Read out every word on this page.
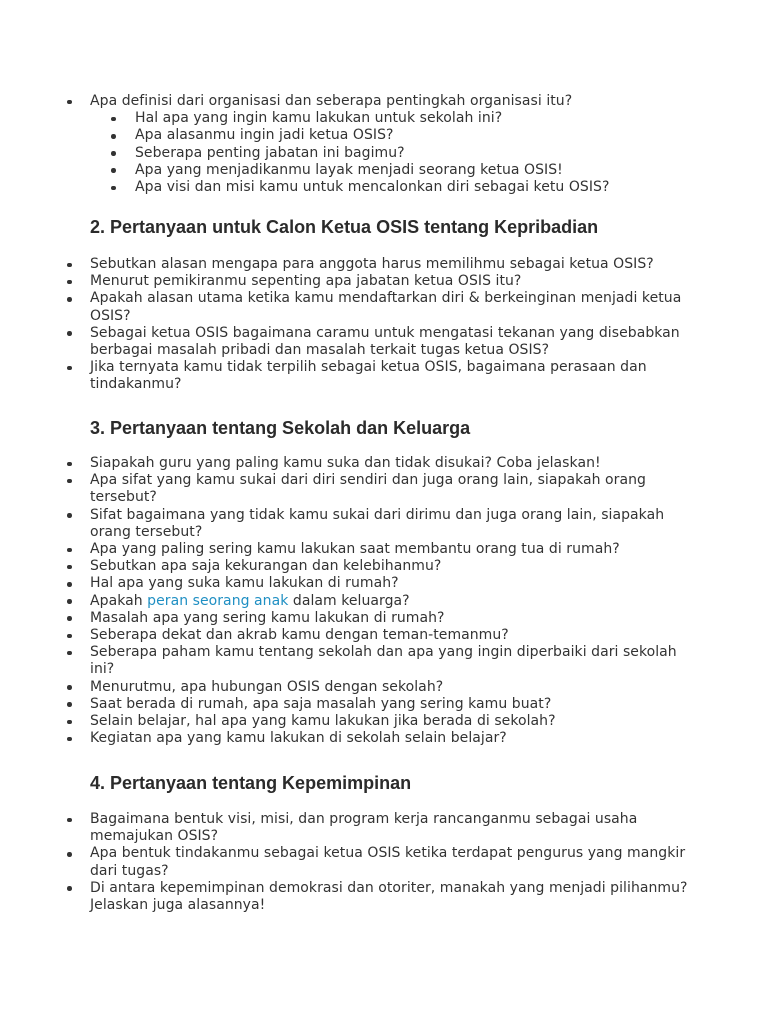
Apa definisi dari organisasi dan seberapa pentingkah organisasi itu?
Hal apa yang ingin kamu lakukan untuk sekolah ini?
Apa alasanmu ingin jadi ketua OSIS?
Seberapa penting jabatan ini bagimu?
Apa yang menjadikanmu layak menjadi seorang ketua OSIS!
Apa visi dan misi kamu untuk mencalonkan diri sebagai ketu OSIS?
2. Pertanyaan untuk Calon Ketua OSIS tentang Kepribadian
Sebutkan alasan mengapa para anggota harus memilihmu sebagai ketua OSIS?
Menurut pemikiranmu sepenting apa jabatan ketua OSIS itu?
Apakah alasan utama ketika kamu mendaftarkan diri & berkeinginan menjadi ketua OSIS?
Sebagai ketua OSIS bagaimana caramu untuk mengatasi tekanan yang disebabkan berbagai masalah pribadi dan masalah terkait tugas ketua OSIS?
Jika ternyata kamu tidak terpilih sebagai ketua OSIS, bagaimana perasaan dan tindakanmu?
3. Pertanyaan tentang Sekolah dan Keluarga
Siapakah guru yang paling kamu suka dan tidak disukai? Coba jelaskan!
Apa sifat yang kamu sukai dari diri sendiri dan juga orang lain, siapakah orang tersebut?
Sifat bagaimana yang tidak kamu sukai dari dirimu dan juga orang lain, siapakah orang tersebut?
Apa yang paling sering kamu lakukan saat membantu orang tua di rumah?
Sebutkan apa saja kekurangan dan kelebihanmu?
Hal apa yang suka kamu lakukan di rumah?
Apakah peran seorang anak dalam keluarga?
Masalah apa yang sering kamu lakukan di rumah?
Seberapa dekat dan akrab kamu dengan teman-temanmu?
Seberapa paham kamu tentang sekolah dan apa yang ingin diperbaiki dari sekolah ini?
Menurutmu, apa hubungan OSIS dengan sekolah?
Saat berada di rumah, apa saja masalah yang sering kamu buat?
Selain belajar, hal apa yang kamu lakukan jika berada di sekolah?
Kegiatan apa yang kamu lakukan di sekolah selain belajar?
4. Pertanyaan tentang Kepemimpinan
Bagaimana bentuk visi, misi, dan program kerja rancanganmu sebagai usaha memajukan OSIS?
Apa bentuk tindakanmu sebagai ketua OSIS ketika terdapat pengurus yang mangkir dari tugas?
Di antara kepemimpinan demokrasi dan otoriter, manakah yang menjadi pilihanmu? Jelaskan juga alasannya!
